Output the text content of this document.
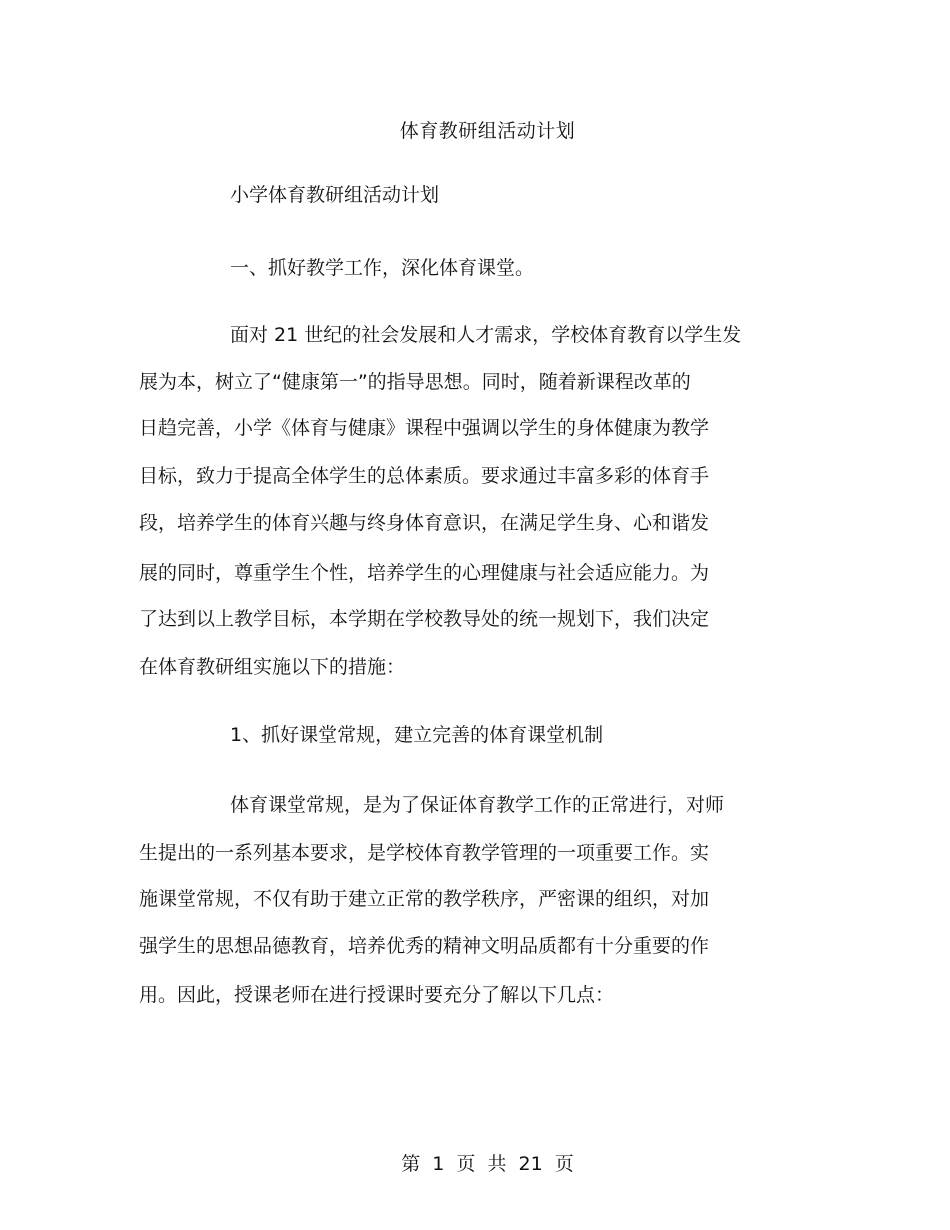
体育教研组活动计划
小学体育教研组活动计划
一、抓好教学工作，深化体育课堂。
面对 21 世纪的社会发展和人才需求，学校体育教育以学生发
展为本，树立了“健康第一”的指导思想。同时，随着新课程改革的
日趋完善，小学《体育与健康》课程中强调以学生的身体健康为教学
目标，致力于提高全体学生的总体素质。要求通过丰富多彩的体育手
段，培养学生的体育兴趣与终身体育意识，在满足学生身、心和谐发
展的同时，尊重学生个性，培养学生的心理健康与社会适应能力。为
了达到以上教学目标，本学期在学校教导处的统一规划下，我们决定
在体育教研组实施以下的措施：
1、抓好课堂常规，建立完善的体育课堂机制
体育课堂常规，是为了保证体育教学工作的正常进行，对师
生提出的一系列基本要求，是学校体育教学管理的一项重要工作。实
施课堂常规，不仅有助于建立正常的教学秩序，严密课的组织，对加
强学生的思想品德教育，培养优秀的精神文明品质都有十分重要的作
用。因此，授课老师在进行授课时要充分了解以下几点：
第 1 页 共 21 页
